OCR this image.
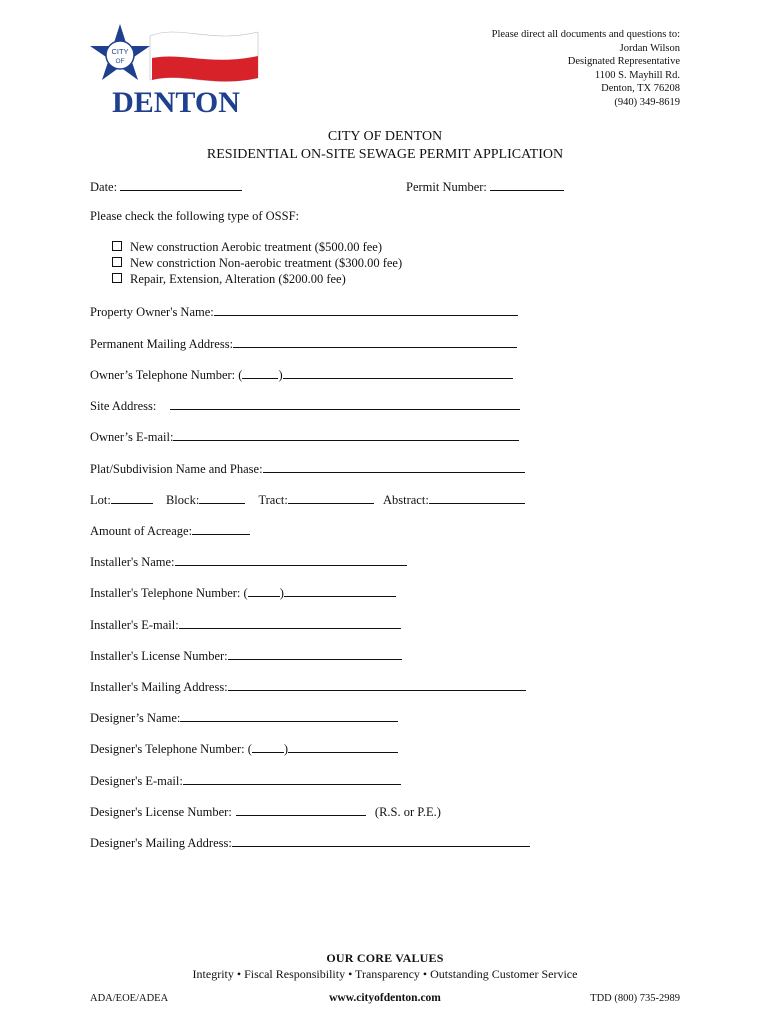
CITY
OF
DENTON
Please direct all documents and questions to:
Jordan Wilson
Designated Representative
1100 S. Mayhill Rd.
Denton, TX 76208
(940) 349-8619
CITY OF DENTON
RESIDENTIAL ON-SITE SEWAGE PERMIT APPLICATION
Date:	Permit Number:
Please check the following type of OSSF:
New construction Aerobic treatment ($500.00 fee)
New constriction Non-aerobic treatment ($300.00 fee)
Repair, Extension, Alteration ($200.00 fee)
Property Owner's Name:
Permanent Mailing Address:
Owner’s Telephone Number: (	)
Site Address:
Owner’s E-mail:
Plat/Subdivision Name and Phase:
Lot:	Block:	Tract:	Abstract:
Amount of Acreage:
Installer's Name:
Installer's Telephone Number: (	)
Installer's E-mail:
Installer's License Number:
Installer's Mailing Address:
Designer’s Name:
Designer's Telephone Number: (	)
Designer's E-mail:
Designer's License Number:	(R.S. or P.E.)
Designer's Mailing Address:
OUR CORE VALUES
Integrity • Fiscal Responsibility • Transparency • Outstanding Customer Service
ADA/EOE/ADEA	www.cityofdenton.com	TDD (800) 735-2989
